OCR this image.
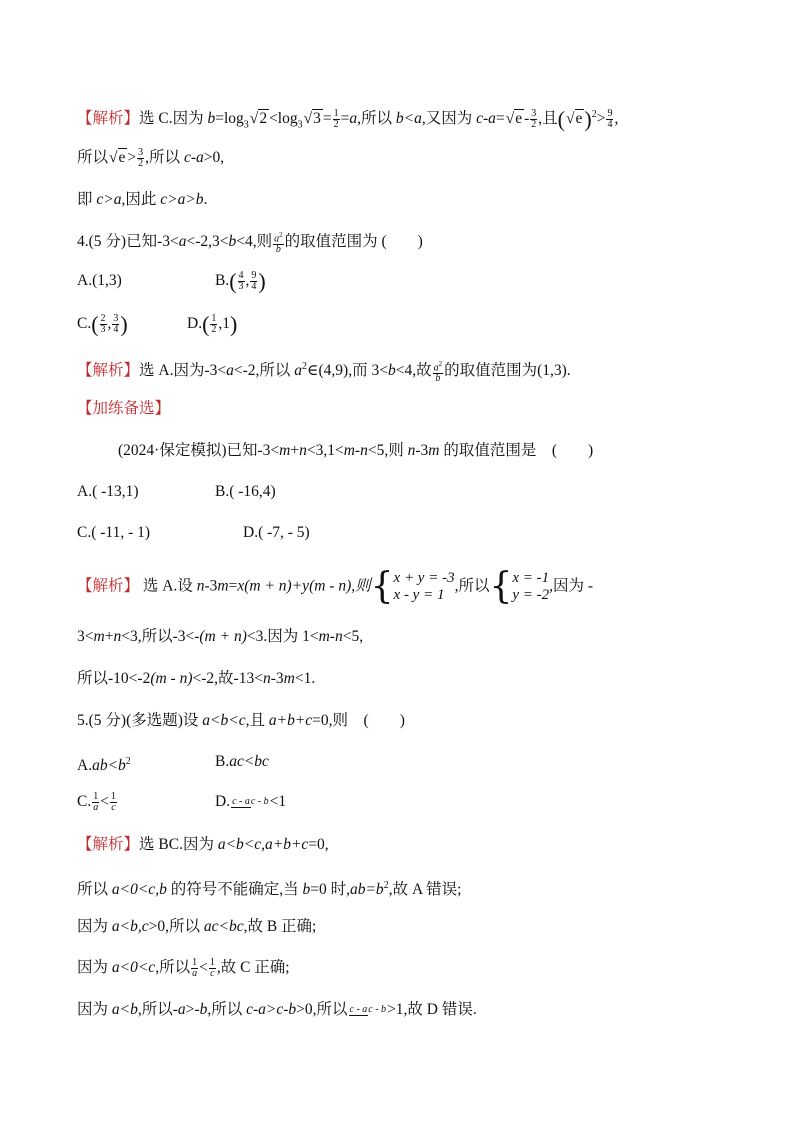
【解析】选 C.因为 $b=\log_3√2 <\log_3√3 = \frac{1}{2} =a$,所以 b<a,又因为 $c-a=√e - \frac{3}{2}$ ,且$(√e)^2> \frac{9}{4}$ ,
所以$√e > \frac{3}{2}$ ,所以 c-a>0,
即 c>a,因此 c>a>b.
4.(5 分)已知-3<a<-2,3<b<4,则 $\frac{a^2}{b}$的取值范围为 (　　)
A.(1,3)	$B.( \frac{4}{3}$ , $\frac{9}{4}$ )
$C.( \frac{2}{3}$ , $\frac{3}{4}$ )	$D.( \frac{1}{2} ,1)$
【解析】选 A.因为-3<a<-2,所以 $a^2\in(4,9)$,而 3<b<4,故 $\frac{a^2}{b}$的取值范围为(1,3).
【加练备选】
(2024·保定模拟)已知-3<m+n<3,1<m-n<5,则 n-3m 的取值范围是　(　　)
A.( -13,1)	B.( -16,4)
C.( -11, - 1)	D.( -7, - 5)
【解析】 选 A.设 n-3m=x(m + n)+y(m - n),则{ x + y = -3
x - y = 1
,所以{ x = -1
y = -2
,因为 -
3<m+n<3,所以-3<-(m + n)<3.因为 1<m-n<5,
所以-10<-2(m - n)<-2,故-13<n-3m<1.
5.(5 分)(多选题)设 a<b<c,且 a+b+c=0,则　(　　)
$A.ab<b^2$	B.ac<bc
C. $\frac{1}{a}< \frac{1}{c}$	D. c - ac - b<1
【解析】选 BC.因为 a<b<c,a+b+c=0,
所以 a<0<c,b 的符号不能确定,当 b=0 时$,ab=b^2$,故 A 错误;
因为 a<b,c>0,所以 ac<bc,故 B 正确;
因为 a<0<c,所以 $\frac{1}{a}< \frac{1}{c}$,故 C 正确;
因为 a<b,所以-a>-b,所以 c-a>c-b>0,所以 c - ac - b>1,故 D 错误.
